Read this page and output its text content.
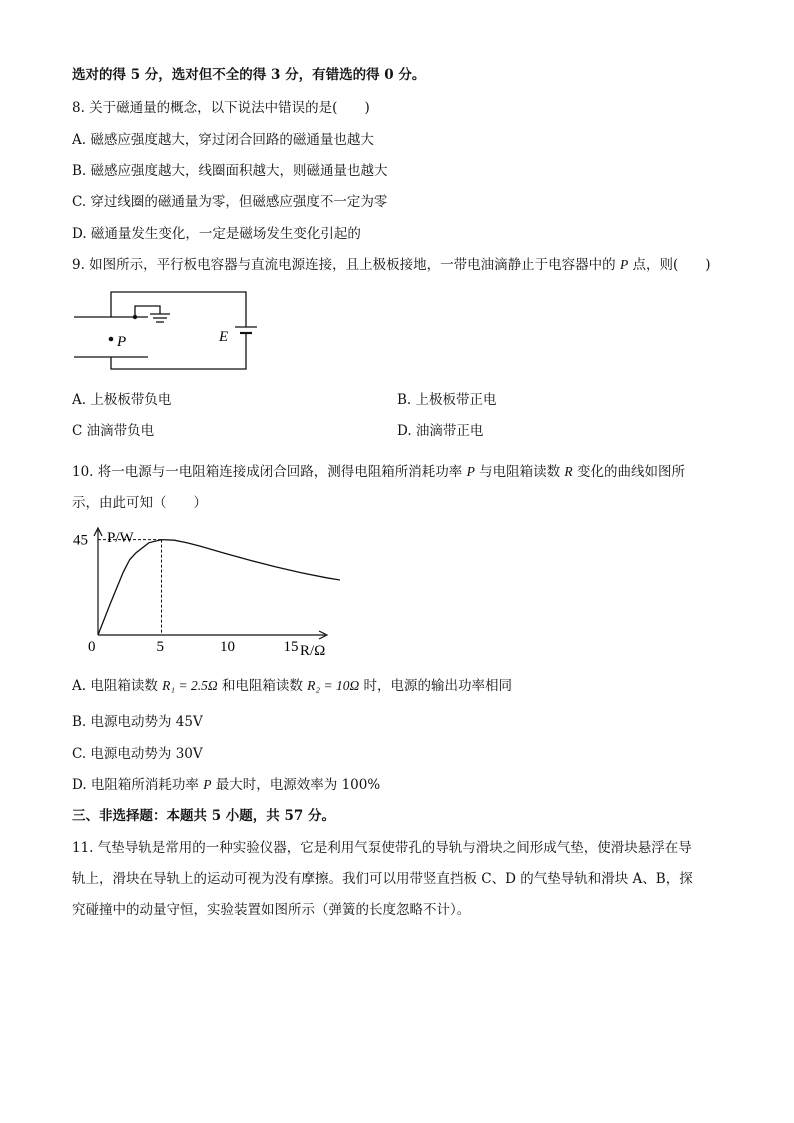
选对的得 5 分，选对但不全的得 3 分，有错选的得 0 分。
8. 关于磁通量的概念，以下说法中错误的是(　　)
A. 磁感应强度越大，穿过闭合回路的磁通量也越大
B. 磁感应强度越大，线圈面积越大，则磁通量也越大
C. 穿过线圈的磁通量为零，但磁感应强度不一定为零
D. 磁通量发生变化，一定是磁场发生变化引起的
9. 如图所示，平行板电容器与直流电源连接，且上极板接地，一带电油滴静止于电容器中的 P 点，则(　　)
P	E
A. 上极板带负电	B. 上极板带正电
C 油滴带负电	D. 油滴带正电
10. 将一电源与一电阻箱连接成闭合回路，测得电阻箱所消耗功率 P 与电阻箱读数 R 变化的曲线如图所
示，由此可知（　　）
0	5	10	15
45 P/W
R/Ω
A. 电阻箱读数 R₁ = 2.5Ω 和电阻箱读数 R₂ = 10Ω 时，电源的输出功率相同
B. 电源电动势为 45V
C. 电源电动势为 30V
D. 电阻箱所消耗功率 P 最大时，电源效率为 100%
三、非选择题：本题共 5 小题，共 57 分。
11. 气垫导轨是常用的一种实验仪器，它是利用气泵使带孔的导轨与滑块之间形成气垫，使滑块悬浮在导
轨上，滑块在导轨上的运动可视为没有摩擦。我们可以用带竖直挡板 C、D 的气垫导轨和滑块 A、B，探
究碰撞中的动量守恒，实验装置如图所示（弹簧的长度忽略不计）。
